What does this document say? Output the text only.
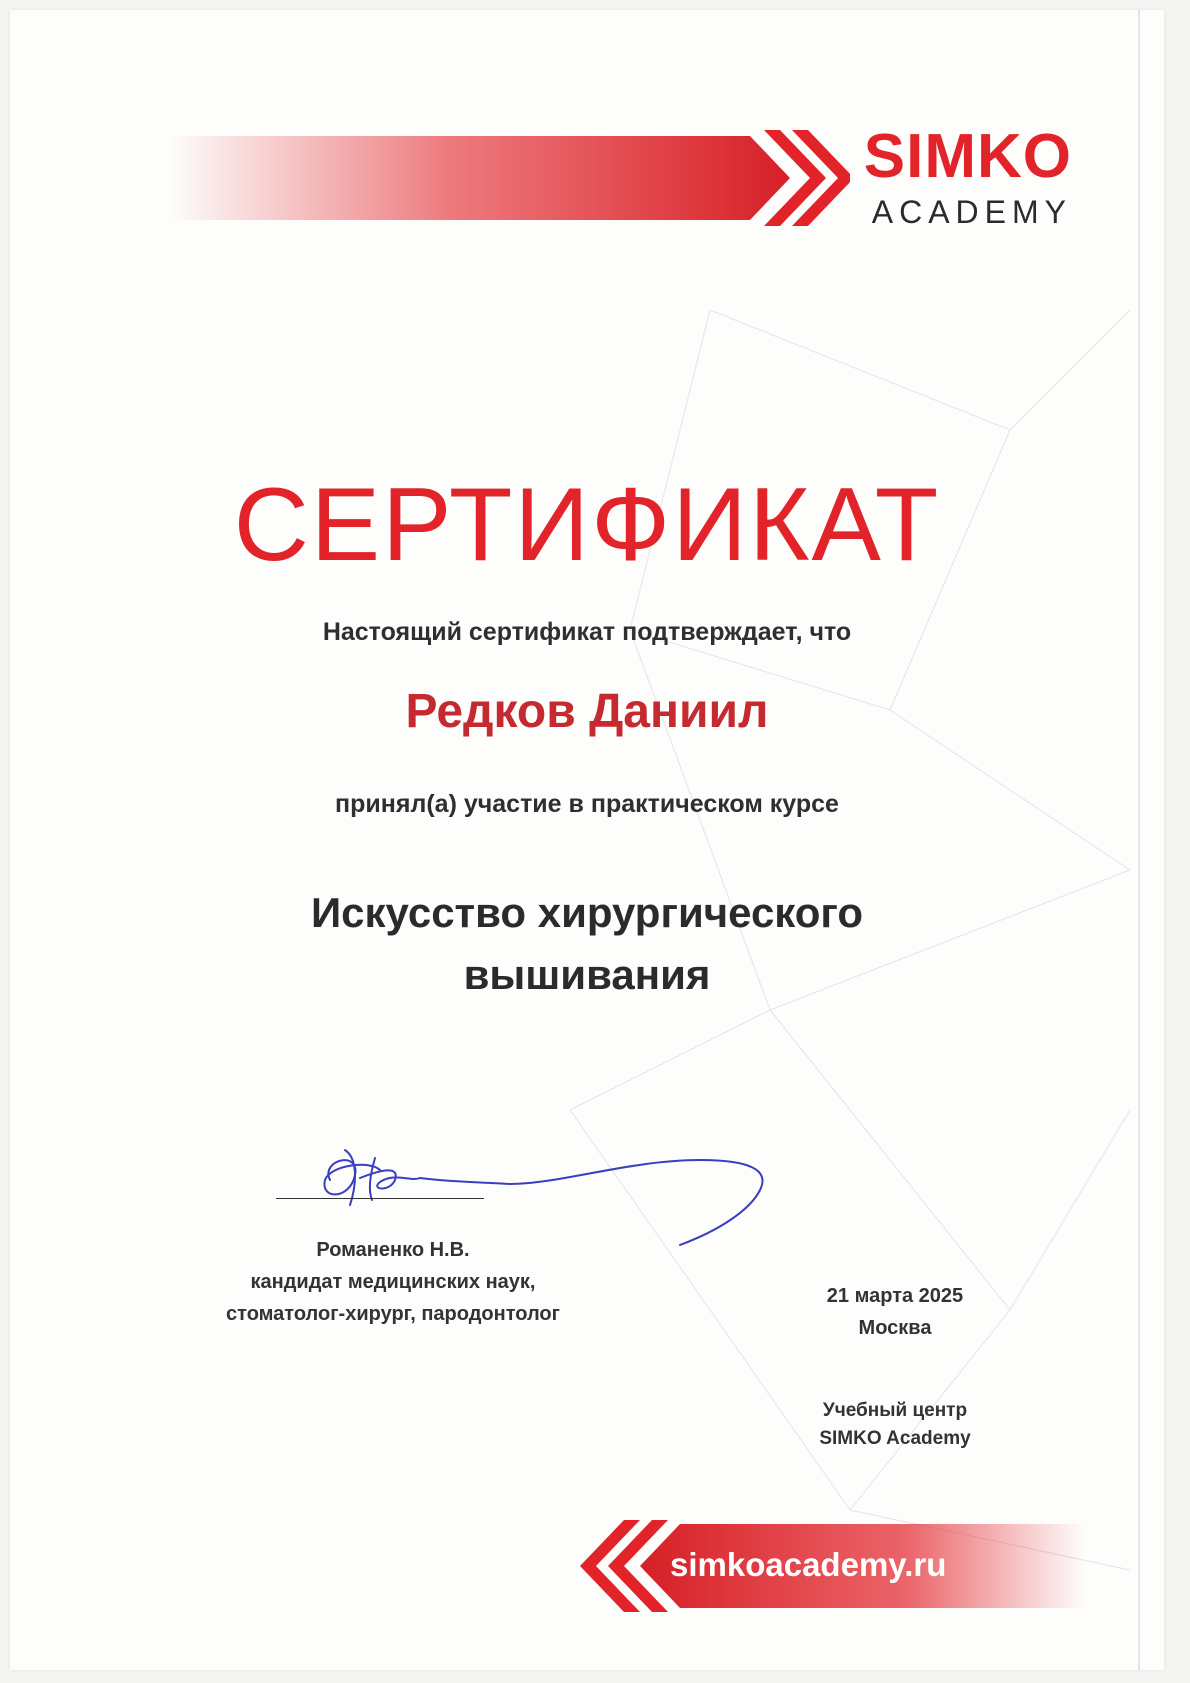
SIMKO
ACADEMY
СЕРТИФИКАТ
Настоящий сертификат подтверждает, что
Редков Даниил
принял(а) участие в практическом курсе
Искусство хирургического
вышивания
Романенко Н.В.
кандидат медицинских наук,
стоматолог-хирург, пародонтолог
21 марта 2025
Москва
Учебный центр
SIMKO Academy
simkoacademy.ru
